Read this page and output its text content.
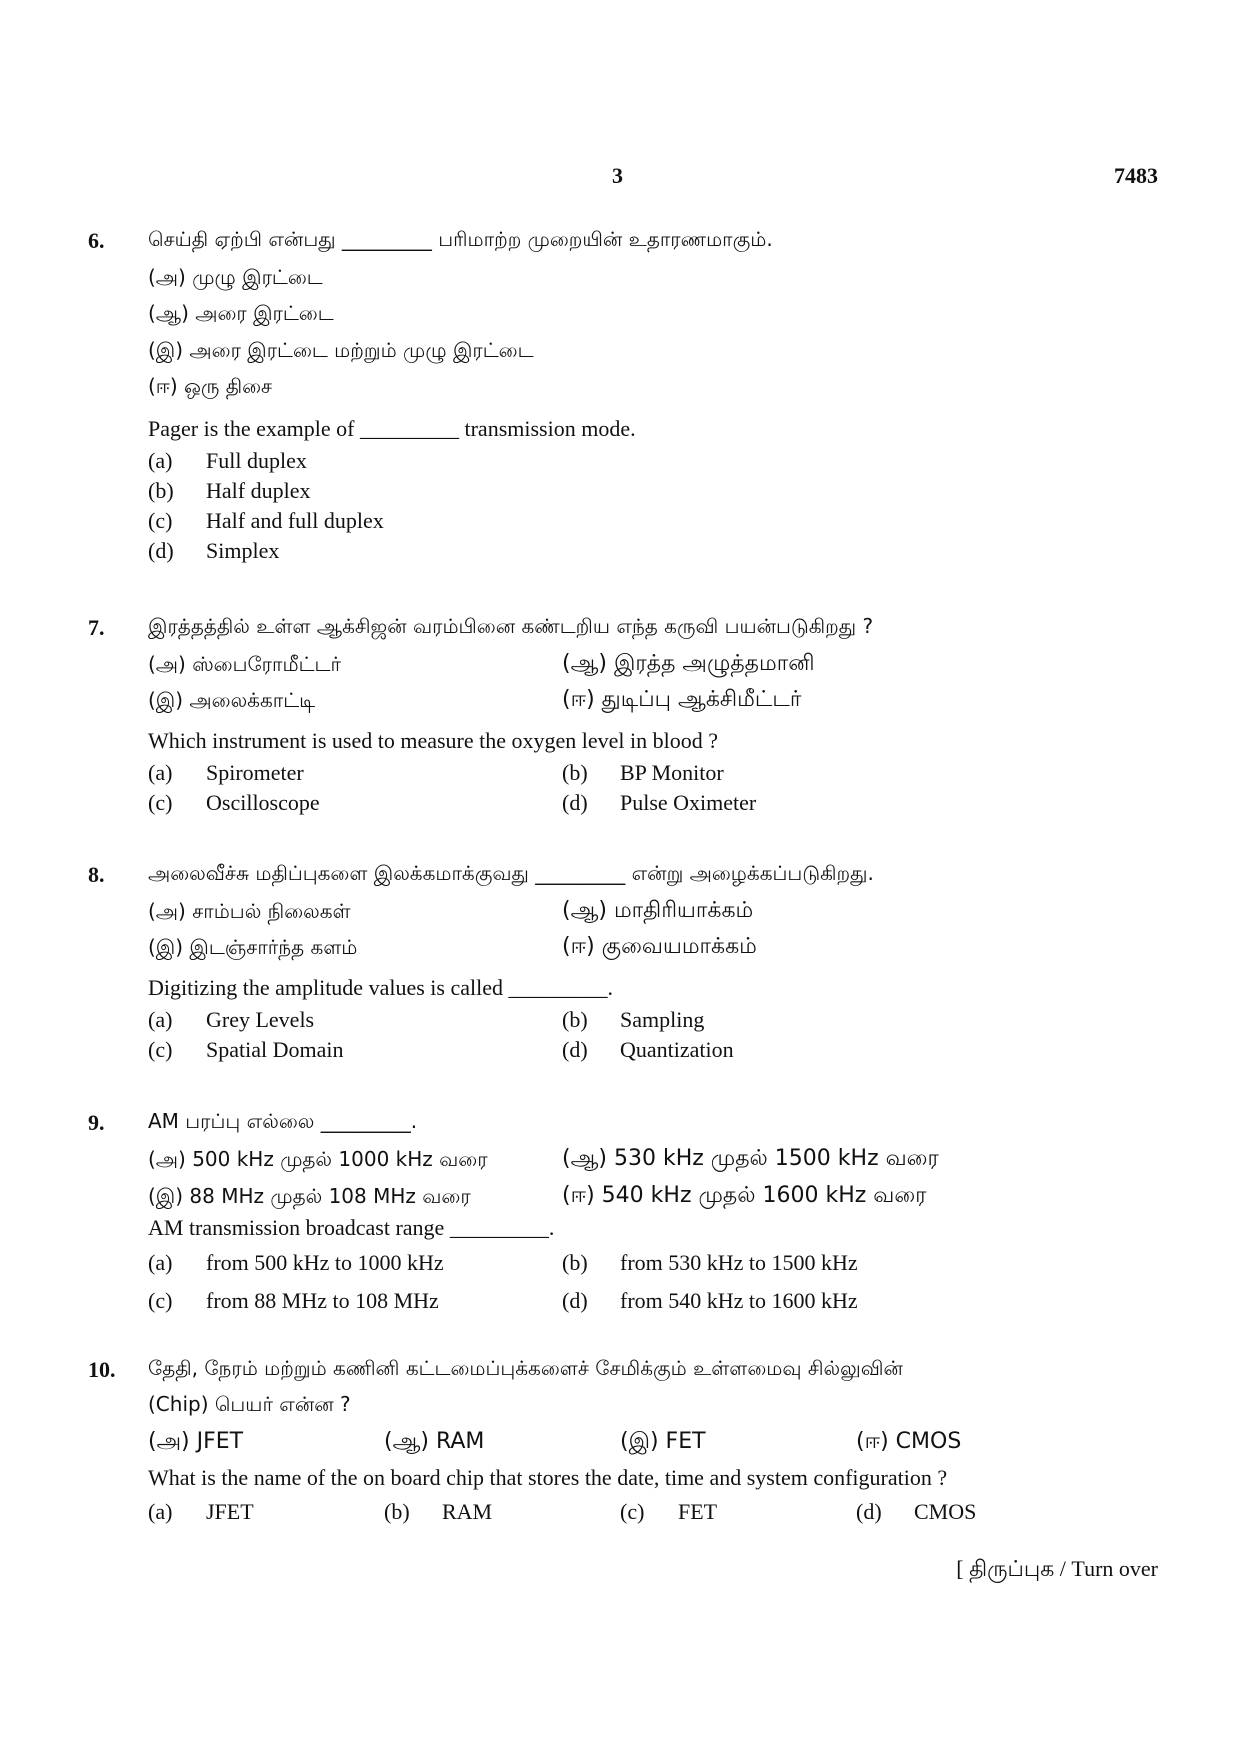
3	7483
6. செய்தி ஏற்பி என்பது _________ பரிமாற்ற முறையின் உதாரணமாகும்.
(அ) முழு இரட்டை
(ஆ) அரை இரட்டை
(இ) அரை இரட்டை மற்றும் முழு இரட்டை
(ஈ) ஒரு திசை
Pager is the example of _________ transmission mode.
(a) Full duplex
(b) Half duplex
(c) Half and full duplex
(d) Simplex
7. இரத்தத்தில் உள்ள ஆக்சிஜன் வரம்பினை கண்டறிய எந்த கருவி பயன்படுகிறது ?
(அ) ஸ்பைரோமீட்டர்	(ஆ) இரத்த அழுத்தமானி
(இ) அலைக்காட்டி	(ஈ) துடிப்பு ஆக்சிமீட்டர்
Which instrument is used to measure the oxygen level in blood ?
(a) Spirometer	(b) BP Monitor
(c) Oscilloscope	(d) Pulse Oximeter
8. அலைவீச்சு மதிப்புகளை இலக்கமாக்குவது _________ என்று அழைக்கப்படுகிறது.
(அ) சாம்பல் நிலைகள்	(ஆ) மாதிரியாக்கம்
(இ) இடஞ்சார்ந்த களம்	(ஈ) குவையமாக்கம்
Digitizing the amplitude values is called _________.
(a) Grey Levels	(b) Sampling
(c) Spatial Domain	(d) Quantization
9. AM பரப்பு எல்லை _________.
(அ) 500 kHz முதல் 1000 kHz வரை	(ஆ) 530 kHz முதல் 1500 kHz வரை
(இ) 88 MHz முதல் 108 MHz வரை	(ஈ) 540 kHz முதல் 1600 kHz வரை
AM transmission broadcast range _________.
(a) from 500 kHz to 1000 kHz	(b) from 530 kHz to 1500 kHz
(c) from 88 MHz to 108 MHz	(d) from 540 kHz to 1600 kHz
10. தேதி, நேரம் மற்றும் கணினி கட்டமைப்புக்களைச் சேமிக்கும் உள்ளமைவு சில்லுவின்
(Chip) பெயர் என்ன ?
(அ) JFET	(ஆ) RAM	(இ) FET	(ஈ) CMOS
What is the name of the on board chip that stores the date, time and system configuration ?
(a) JFET	(b) RAM	(c) FET	(d) CMOS
[ திருப்புக / Turn over
